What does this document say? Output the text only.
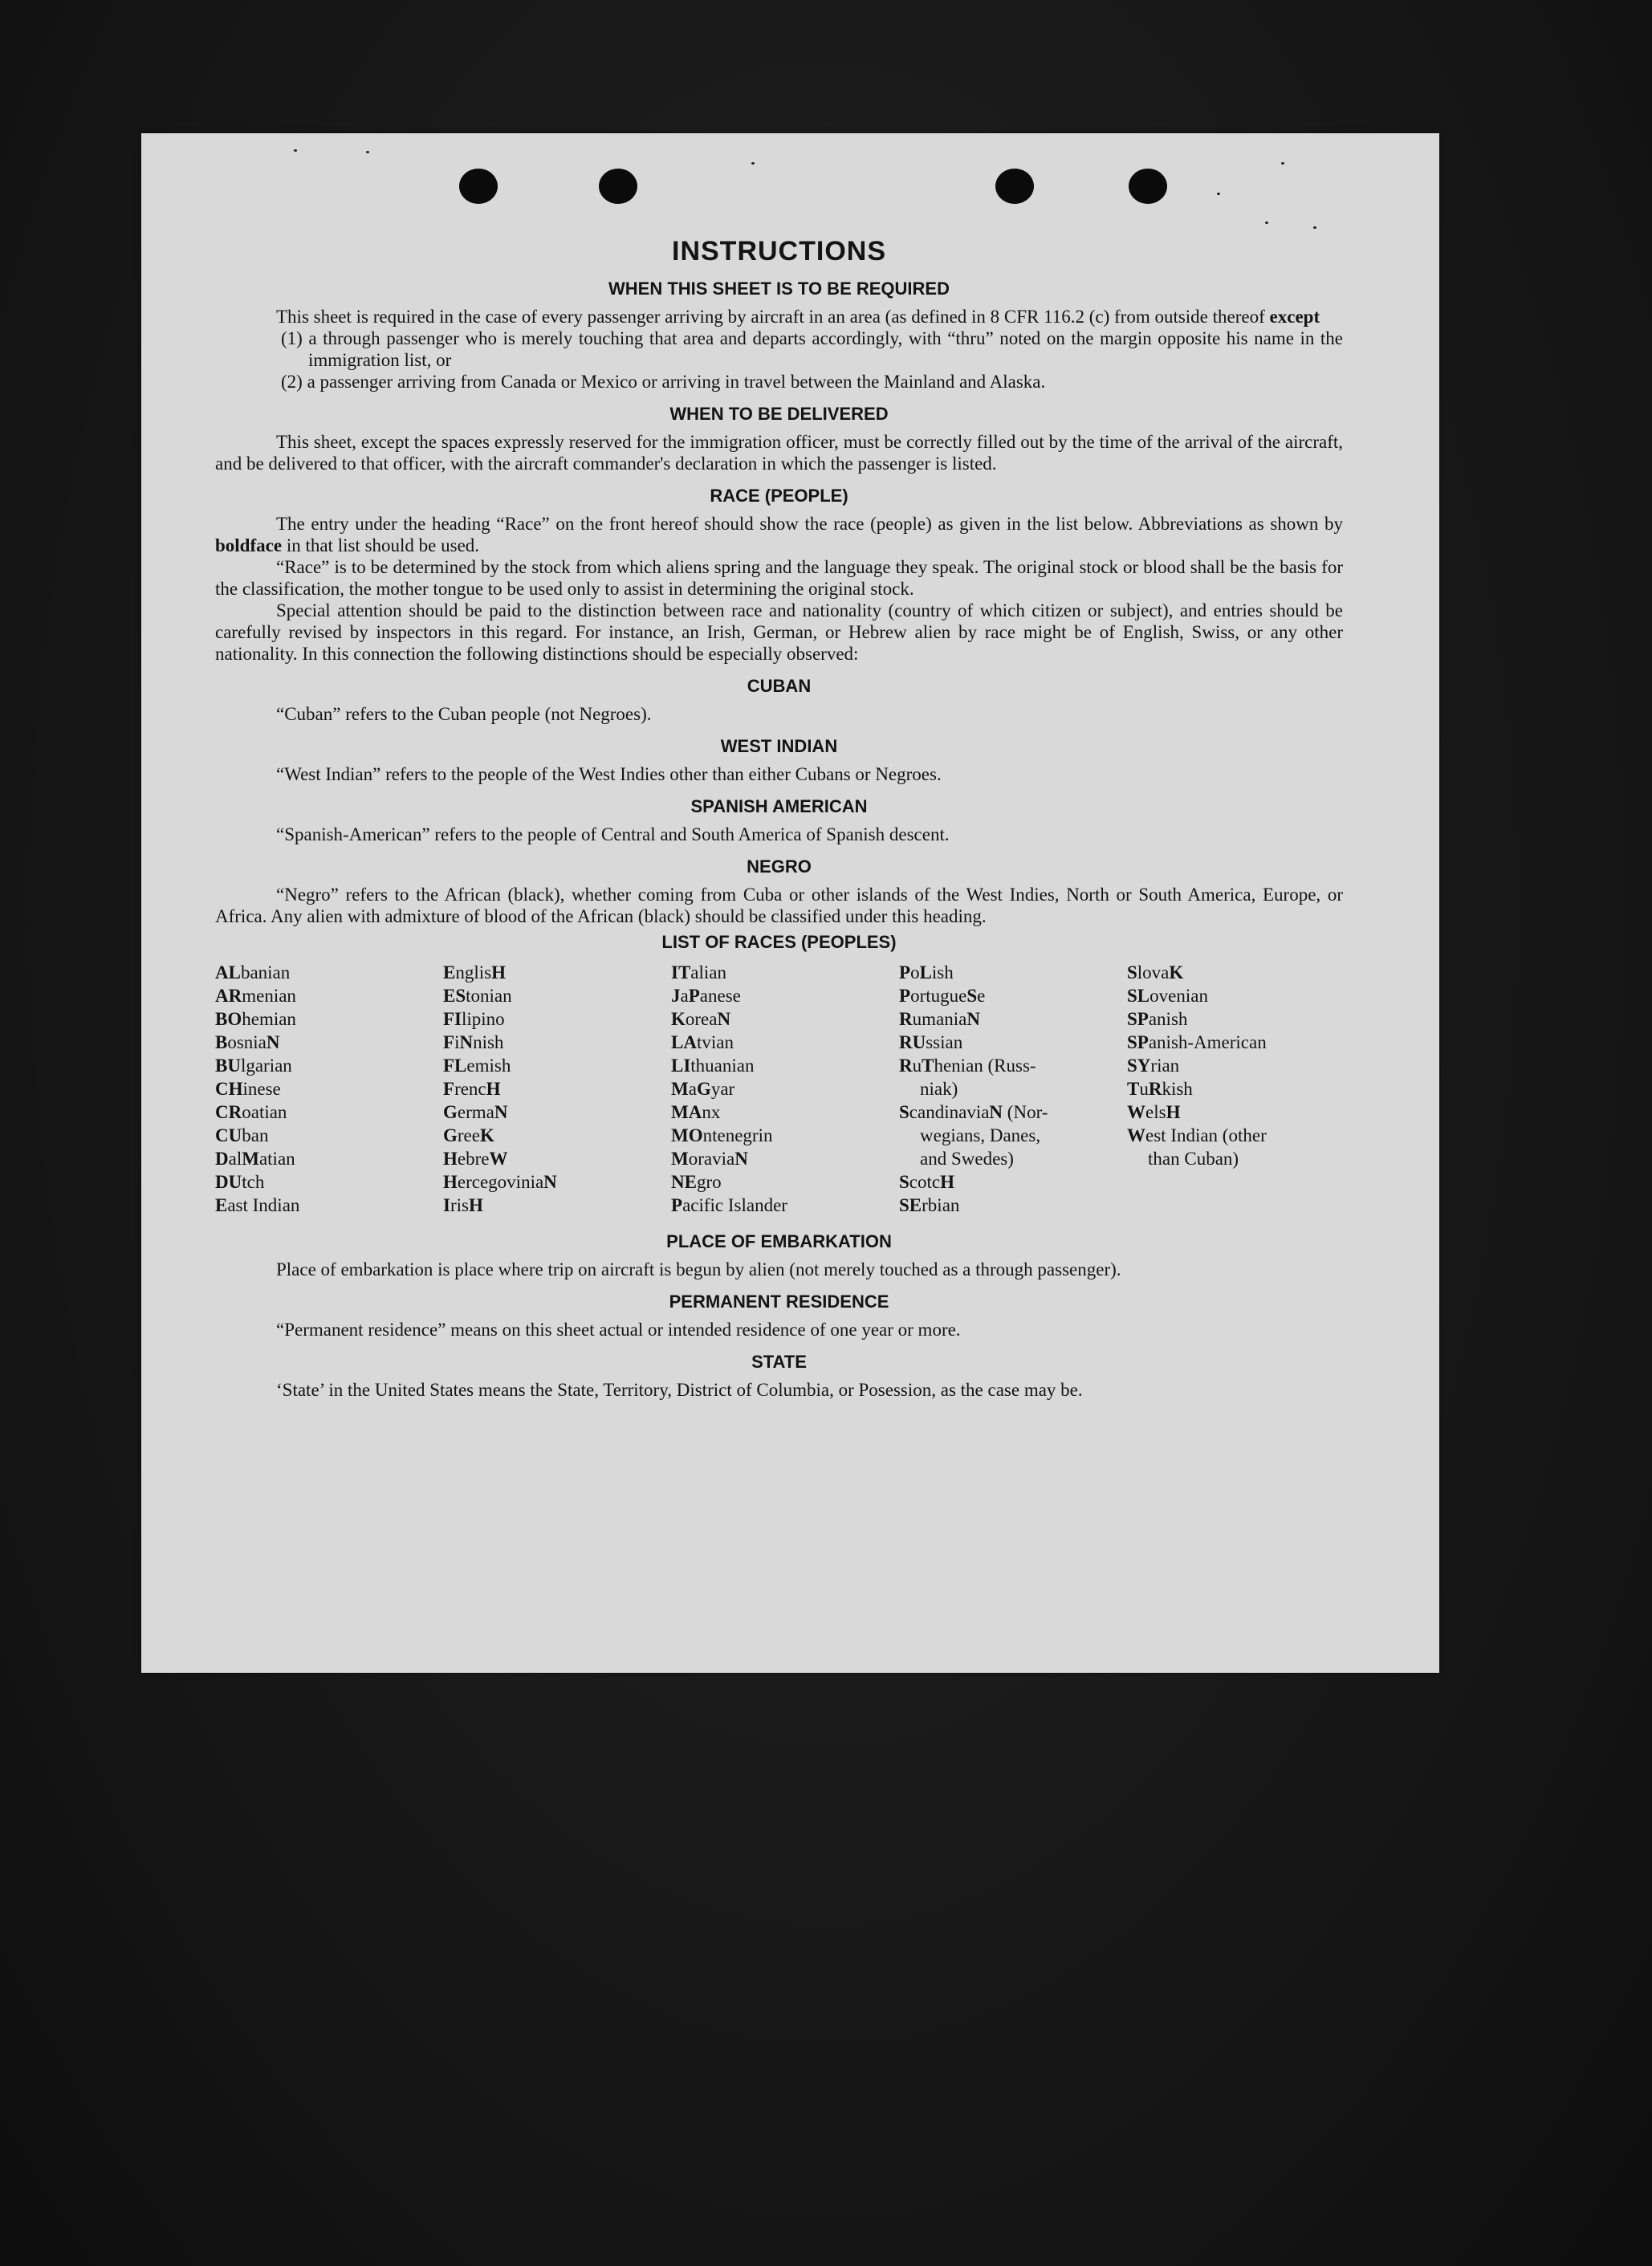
INSTRUCTIONS
WHEN THIS SHEET IS TO BE REQUIRED

This sheet is required in the case of every passenger arriving by aircraft in an area (as defined in 8 CFR 116.2 (c) from outside thereof except

(1) a through passenger who is merely touching that area and departs accordingly, with “thru” noted on the margin opposite his name in the immigration list, or

(2) a passenger arriving from Canada or Mexico or arriving in travel between the Mainland and Alaska.

WHEN TO BE DELIVERED

This sheet, except the spaces expressly reserved for the immigration officer, must be correctly filled out by the time of the arrival of the aircraft, and be delivered to that officer, with the aircraft commander's declaration in which the passenger is listed.

RACE (PEOPLE)

The entry under the heading “Race” on the front hereof should show the race (people) as given in the list below. Abbreviations as shown by boldface in that list should be used.

“Race” is to be determined by the stock from which aliens spring and the language they speak. The original stock or blood shall be the basis for the classification, the mother tongue to be used only to assist in determining the original stock.

Special attention should be paid to the distinction between race and nationality (country of which citizen or subject), and entries should be carefully revised by inspectors in this regard. For instance, an Irish, German, or Hebrew alien by race might be of English, Swiss, or any other nationality. In this connection the following distinctions should be especially observed:

CUBAN

“Cuban” refers to the Cuban people (not Negroes).

WEST INDIAN

“West Indian” refers to the people of the West Indies other than either Cubans or Negroes.

SPANISH AMERICAN

“Spanish-American” refers to the people of Central and South America of Spanish descent.

NEGRO

“Negro” refers to the African (black), whether coming from Cuba or other islands of the West Indies, North or South America, Europe, or Africa. Any alien with admixture of blood of the African (black) should be classified under this heading.

LIST OF RACES (PEOPLES)
ALbanian
ARmenian
BOhemian
BosniaN
BUlgarian
CHinese
CRoatian
CUban
DalMatian
DUtch
East Indian
EnglisH
EStonian
FIlipino
FiNnish
FLemish
FrencH
GermaN
GreeK
HebreW
HercegoviniaN
IrisH
ITalian
JaPanese
KoreaN
LAtvian
LIthuanian
MaGyar
MAnx
MOntenegrin
MoraviaN
NEgro
Pacific Islander
PoLish
PortugueSe
RumaniaN
RUssian
RuThenian (Russ-
niak)
ScandinaviaN (Nor-
wegians, Danes,
and Swedes)
ScotcH
SErbian
SlovaK
SLovenian
SPanish
SPanish-American
SYrian
TuRkish
WelsH
West Indian (other
than Cuban)
PLACE OF EMBARKATION

Place of embarkation is place where trip on aircraft is begun by alien (not merely touched as a through passenger).

PERMANENT RESIDENCE

“Permanent residence” means on this sheet actual or intended residence of one year or more.

STATE

‘State’ in the United States means the State, Territory, District of Columbia, or Posession, as the case may be.
